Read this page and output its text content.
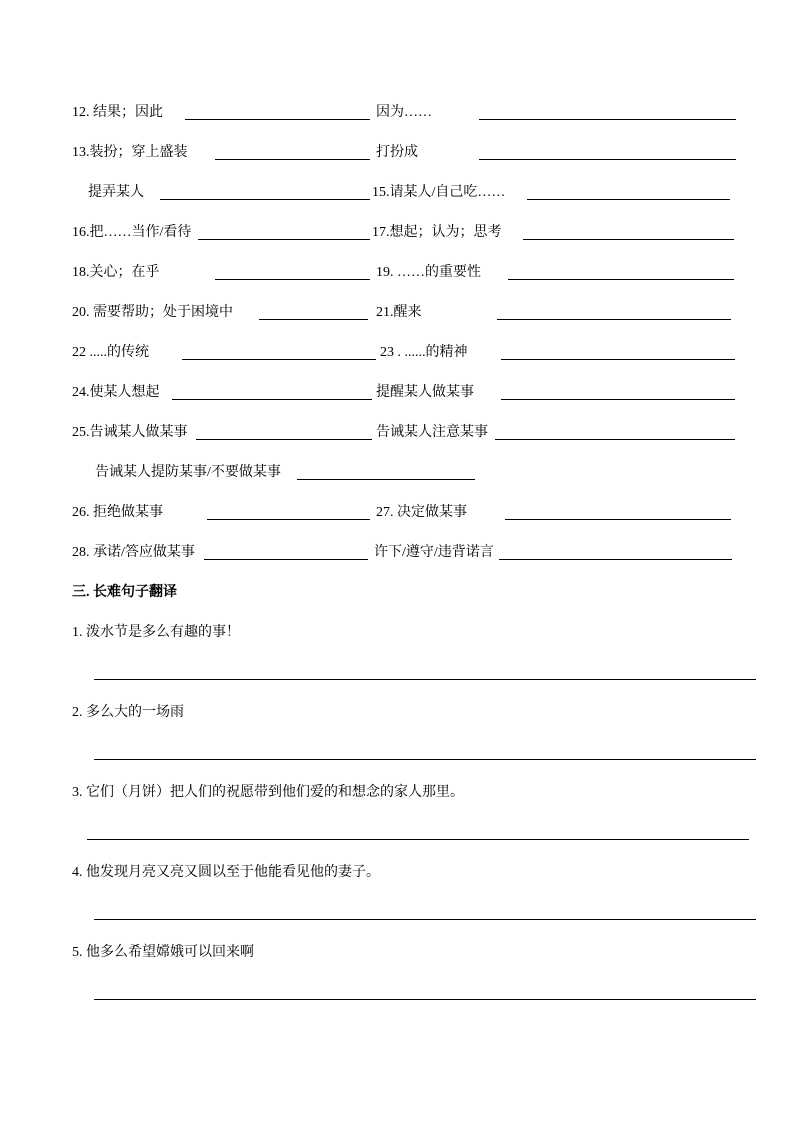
12. 结果；因此	因为……
13.装扮；穿上盛装	打扮成
提弄某人	15.请某人/自己吃……
16.把……当作/看待	17.想起；认为；思考
18.关心；在乎	19. ……的重要性
20. 需要帮助；处于困境中	21.醒来
22 .....的传统	23 . ......的精神
24.使某人想起	提醒某人做某事
25.告诫某人做某事	告诫某人注意某事
告诫某人提防某事/不要做某事
26. 拒绝做某事	27. 决定做某事
28. 承诺/答应做某事	许下/遵守/违背诺言
三. 长难句子翻译
1. 泼水节是多么有趣的事！
2. 多么大的一场雨
3. 它们（月饼）把人们的祝愿带到他们爱的和想念的家人那里。
4. 他发现月亮又亮又圆以至于他能看见他的妻子。
5. 他多么希望嫦娥可以回来啊
